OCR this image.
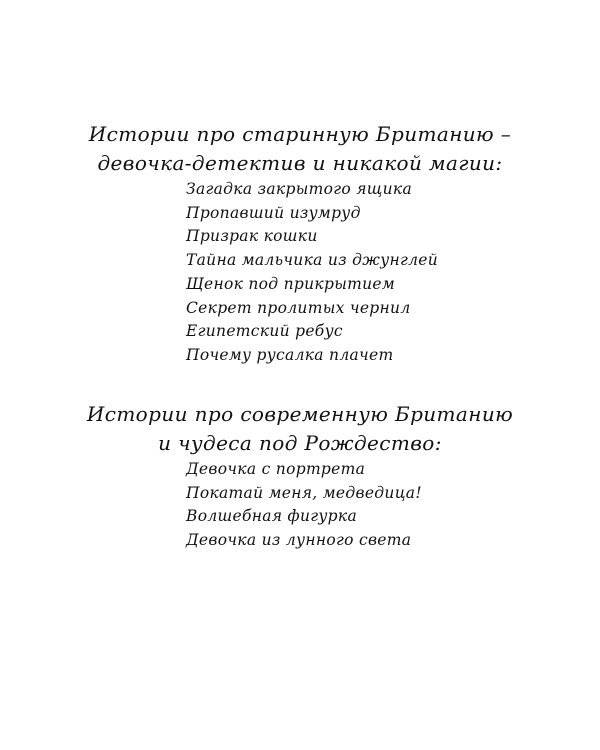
Истории про старинную Британию –
девочка-детектив и никакой магии:
Загадка закрытого ящика
Пропавший изумруд
Призрак кошки
Тайна мальчика из джунглей
Щенок под прикрытием
Секрет пролитых чернил
Египетский ребус
Почему русалка плачет
Истории про современную Британию
и чудеса под Рождество:
Девочка с портрета
Покатай меня, медведица!
Волшебная фигурка
Девочка из лунного света
